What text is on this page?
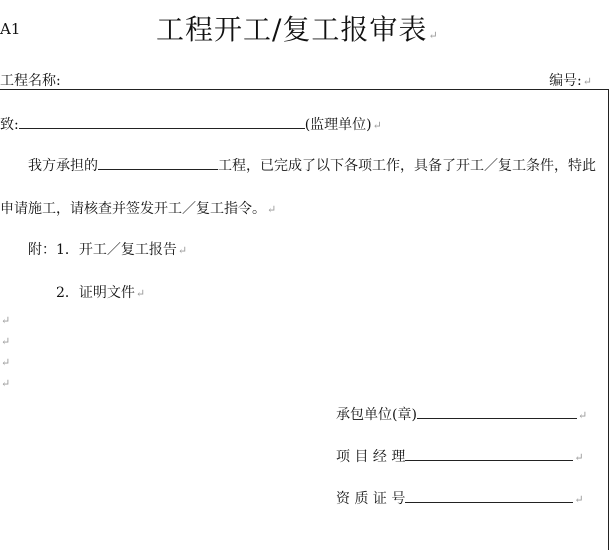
A1	工程开工/复工报审表↵
工程名称:	编号:↵
致:	(监理单位)↵
我方承担的	工程，已完成了以下各项工作，具备了开工／复工条件，特此
申请施工，请核查并签发开工／复工指令。↵
附：1．开工／复工报告↵
2．证明文件↵
↵
↵
↵
↵
承包单位(章)	↵
项 目 经 理	↵
资 质 证 号	↵
